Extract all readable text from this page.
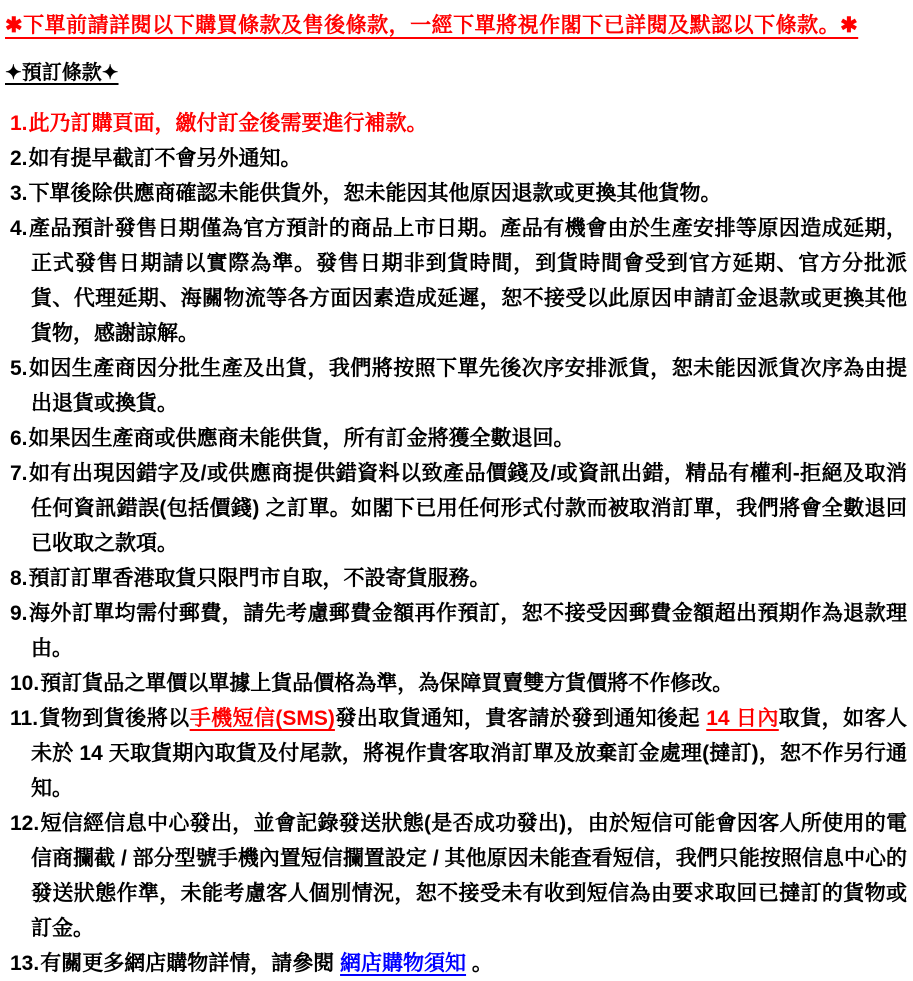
✱下單前請詳閱以下購買條款及售後條款，一經下單將視作閣下已詳閱及默認以下條款。✱
✦預訂條款✦
1.此乃訂購頁面，繳付訂金後需要進行補款。
2.如有提早截訂不會另外通知。
3.下單後除供應商確認未能供貨外，恕未能因其他原因退款或更換其他貨物。
4.產品預計發售日期僅為官方預計的商品上市日期。產品有機會由於生產安排等原因造成延期，正式發售日期請以實際為準。發售日期非到貨時間，到貨時間會受到官方延期、官方分批派貨、代理延期、海關物流等各方面因素造成延遲，恕不接受以此原因申請訂金退款或更換其他貨物，感謝諒解。
5.如因生產商因分批生產及出貨，我們將按照下單先後次序安排派貨，恕未能因派貨次序為由提出退貨或換貨。
6.如果因生產商或供應商未能供貨，所有訂金將獲全數退回。
7.如有出現因錯字及/或供應商提供錯資料以致產品價錢及/或資訊出錯，精品有權利-拒絕及取消任何資訊錯誤(包括價錢) 之訂單。如閣下已用任何形式付款而被取消訂單，我們將會全數退回已收取之款項。
8.預訂訂單香港取貨只限門市自取，不設寄貨服務。
9.海外訂單均需付郵費，請先考慮郵費金額再作預訂，恕不接受因郵費金額超出預期作為退款理由。
10.預訂貨品之單價以單據上貨品價格為準，為保障買賣雙方貨價將不作修改。
11.貨物到貨後將以手機短信(SMS)發出取貨通知，貴客請於發到通知後起 14 日內取貨，如客人未於 14 天取貨期內取貨及付尾款，將視作貴客取消訂單及放棄訂金處理(撻訂)，恕不作另行通知。
12.短信經信息中心發出，並會記錄發送狀態(是否成功發出)，由於短信可能會因客人所使用的電信商攔截 / 部分型號手機內置短信攔置設定 / 其他原因未能查看短信，我們只能按照信息中心的發送狀態作準，未能考慮客人個別情況，恕不接受未有收到短信為由要求取回已撻訂的貨物或訂金。
13.有關更多網店購物詳情，請參閱 網店購物須知 。
